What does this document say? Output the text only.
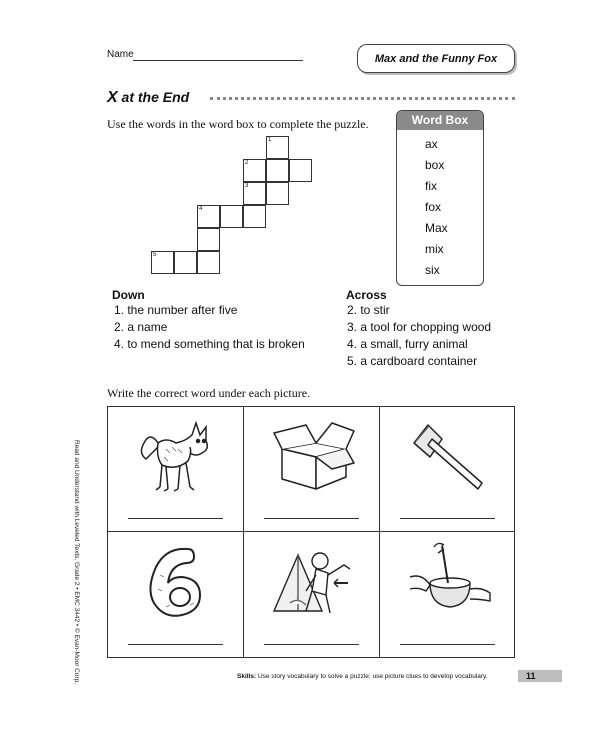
Name	Max and the Funny Fox
X at the End
Use the words in the word box to complete the puzzle.
1
2
3
4
5
Word Box
ax
box
fix
fox
Max
mix
six
Down
1. the number after five
2. a name
4. to mend something that is broken
Across
2. to stir
3. a tool for chopping wood
4. a small, furry animal
5. a cardboard container
Write the correct word under each picture.
Read and Understand with Leveled Texts, Grade 2 • EMC 3442 • © Evan-Moor Corp.	Skills: Use story vocabulary to solve a puzzle; use picture clues to develop vocabulary.	11
